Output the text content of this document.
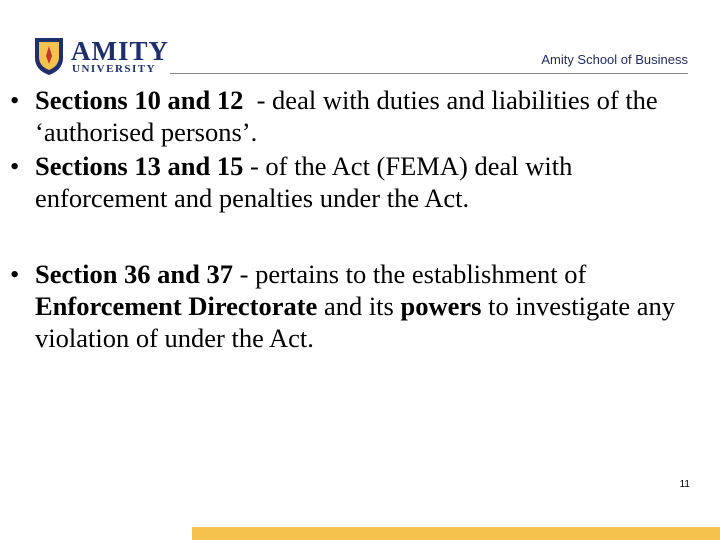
AMITY
UNIVERSITY
Amity School of Business
• Sections 10 and 12  - deal with duties and liabilities of the ‘authorised persons’.
• Sections 13 and 15 - of the Act (FEMA) deal with enforcement and penalties under the Act.
• Section 36 and 37 - pertains to the establishment of Enforcement Directorate and its powers to investigate any violation of under the Act.
11
